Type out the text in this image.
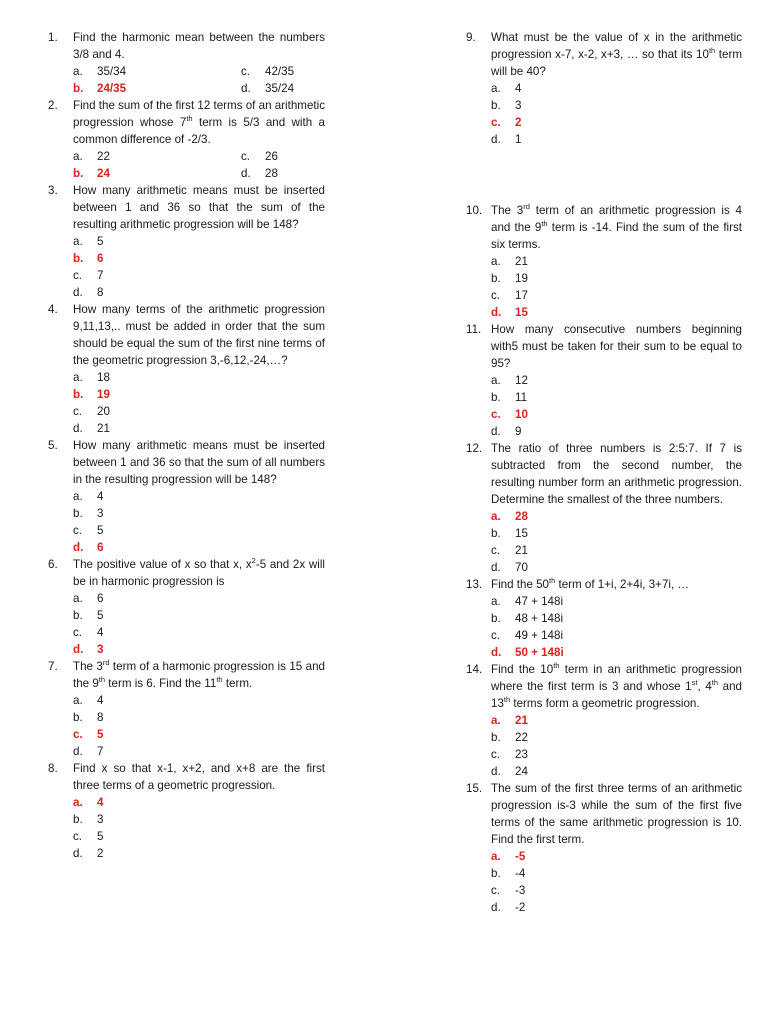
1.	Find the harmonic mean between the numbers 3/8 and 4.
a.	35/34	c.	42/35
b.	24/35	d.	35/24
2.	Find the sum of the first 12 terms of an arithmetic progression whose 7th term is 5/3 and with a common difference of -2/3.
a.	22	c.	26
b.	24	d.	28
3.	How many arithmetic means must be inserted between 1 and 36 so that the sum of the resulting arithmetic progression will be 148?
a.	5
b.	6
c.	7
d.	8
4.	How many terms of the arithmetic progression 9,11,13,.. must be added in order that the sum should be equal the sum of the first nine terms of the geometric progression 3,-6,12,-24,…?
a.	18
b.	19
c.	20
d.	21
5.	How many arithmetic means must be inserted between 1 and 36 so that the sum of all numbers in the resulting progression will be 148?
a.	4
b.	3
c.	5
d.	6
6.	The positive value of x so that x, $x^2-5$ and 2x will be in harmonic progression is
a.	6
b.	5
c.	4
d.	3
7.	The 3rd term of a harmonic progression is 15 and the 9th term is 6. Find the 11th term.
a.	4
b.	8
c.	5
d.	7
8.	Find x so that x-1, x+2, and x+8 are the first three terms of a geometric progression.
a.	4
b.	3
c.	5
d.	2
9.	What must be the value of x in the arithmetic progression x-7, x-2, x+3, … so that its 10th term will be 40?
a.	4
b.	3
c.	2
d.	1
10. The 3rd term of an arithmetic progression is 4 and the 9th term is -14. Find the sum of the first six terms.
a.	21
b.	19
c.	17
d.	15
11. How many consecutive numbers beginning with5 must be taken for their sum to be equal to 95?
a.	12
b.	11
c.	10
d.	9
12. The ratio of three numbers is 2:5:7. If 7 is subtracted from the second number, the resulting number form an arithmetic progression. Determine the smallest of the three numbers.
a.	28
b.	15
c.	21
d.	70
13. Find the 50th term of 1+i, 2+4i, 3+7i, …
a.	47 + 148i
b.	48 + 148i
c.	49 + 148i
d.	50 + 148i
14. Find the 10th term in an arithmetic progression where the first term is 3 and whose 1st, 4th and 13th terms form a geometric progression.
a.	21
b.	22
c.	23
d.	24
15. The sum of the first three terms of an arithmetic progression is-3 while the sum of the first five terms of the same arithmetic progression is 10. Find the first term.
a.	-5
b.	-4
c.	-3
d.	-2
